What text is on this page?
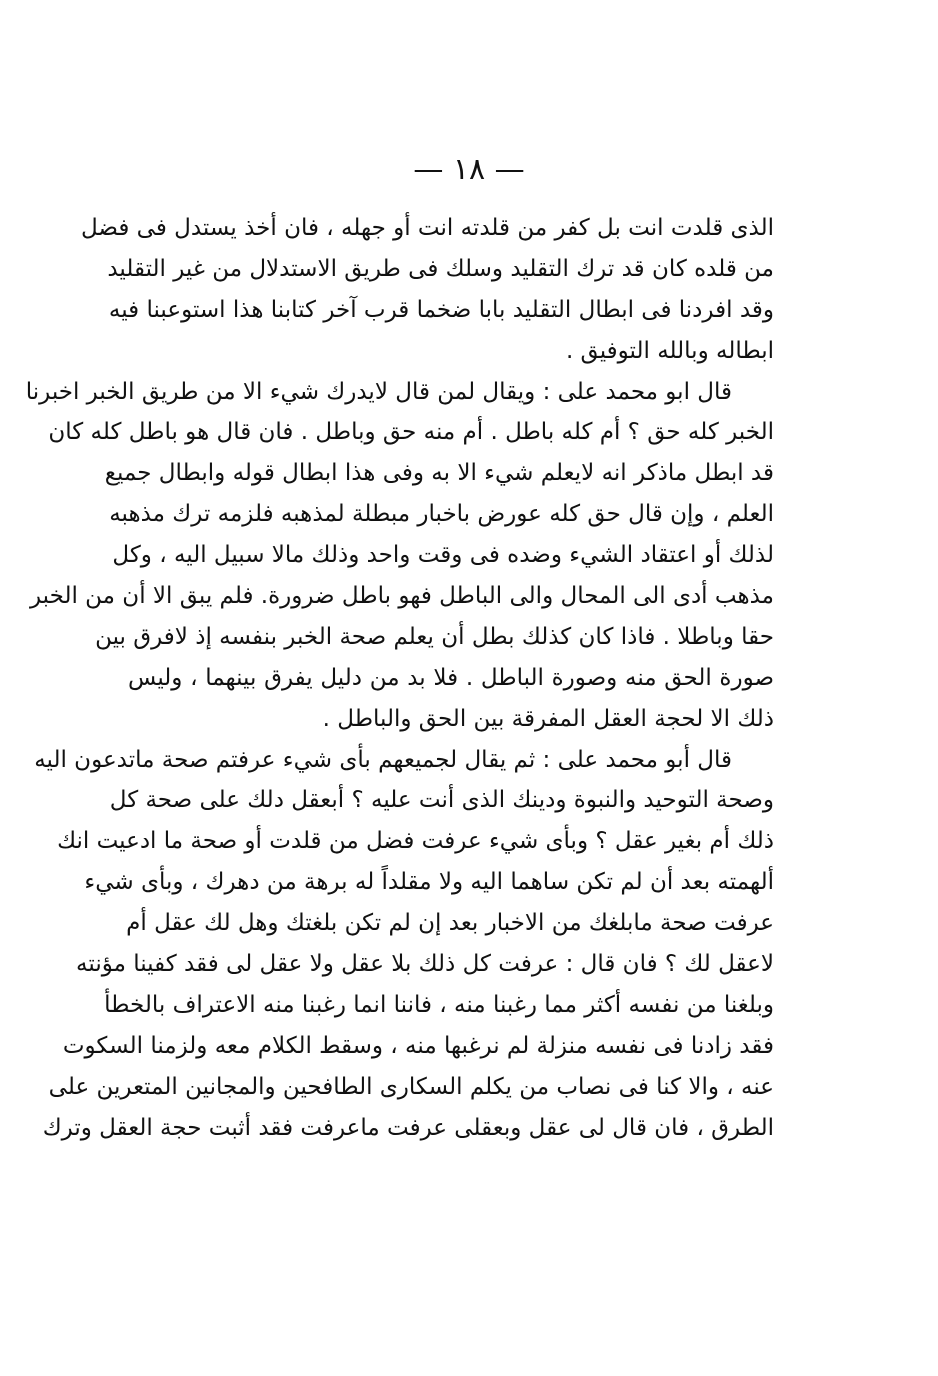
— ١٨ —
الذى قلدت انت بل كفر من قلدته انت أو جهله ، فان أخذ يستدل فى فضل
من قلده كان قد ترك التقليد وسلك فى طريق الاستدلال من غير التقليد
وقد افردنا فى ابطال التقليد بابا ضخما قرب آخر كتابنا هذا استوعبنا فيه
ابطاله وبالله التوفيق .
قال ابو محمد على : ويقال لمن قال لايدرك شيء الا من طريق الخبر اخبرنا
الخبر كله حق ؟ أم كله باطل . أم منه حق وباطل . فان قال هو باطل كله كان
قد ابطل ماذكر انه لايعلم شيء الا به وفى هذا ابطال قوله وابطال جميع
العلم ، وإن قال حق كله عورض باخبار مبطلة لمذهبه فلزمه ترك مذهبه
لذلك أو اعتقاد الشيء وضده فى وقت واحد وذلك مالا سبيل اليه ، وكل
مذهب أدى الى المحال والى الباطل فهو باطل ضرورة. فلم يبق الا أن من الخبر
حقا وباطلا . فاذا كان كذلك بطل أن يعلم صحة الخبر بنفسه إذ لافرق بين
صورة الحق منه وصورة الباطل . فلا بد من دليل يفرق بينهما ، وليس
ذلك الا لحجة العقل المفرقة بين الحق والباطل .
قال أبو محمد على : ثم يقال لجميعهم بأى شيء عرفتم صحة ماتدعون اليه
وصحة التوحيد والنبوة ودينك الذى أنت عليه ؟ أبعقل دلك على صحة كل
ذلك أم بغير عقل ؟ وبأى شيء عرفت فضل من قلدت أو صحة ما ادعيت انك
ألهمته بعد أن لم تكن ساهما اليه ولا مقلداً له برهة من دهرك ، وبأى شيء
عرفت صحة مابلغك من الاخبار بعد إن لم تكن بلغتك وهل لك عقل أم
لاعقل لك ؟ فان قال : عرفت كل ذلك بلا عقل ولا عقل لى فقد كفينا مؤنته
وبلغنا من نفسه أكثر مما رغبنا منه ، فاننا انما رغبنا منه الاعتراف بالخطأ
فقد زادنا فى نفسه منزلة لم نرغبها منه ، وسقط الكلام معه ولزمنا السكوت
عنه ، والا كنا فى نصاب من يكلم السكارى الطافحين والمجانين المتعرين على
الطرق ، فان قال لى عقل وبعقلى عرفت ماعرفت فقد أثبت حجة العقل وترك
